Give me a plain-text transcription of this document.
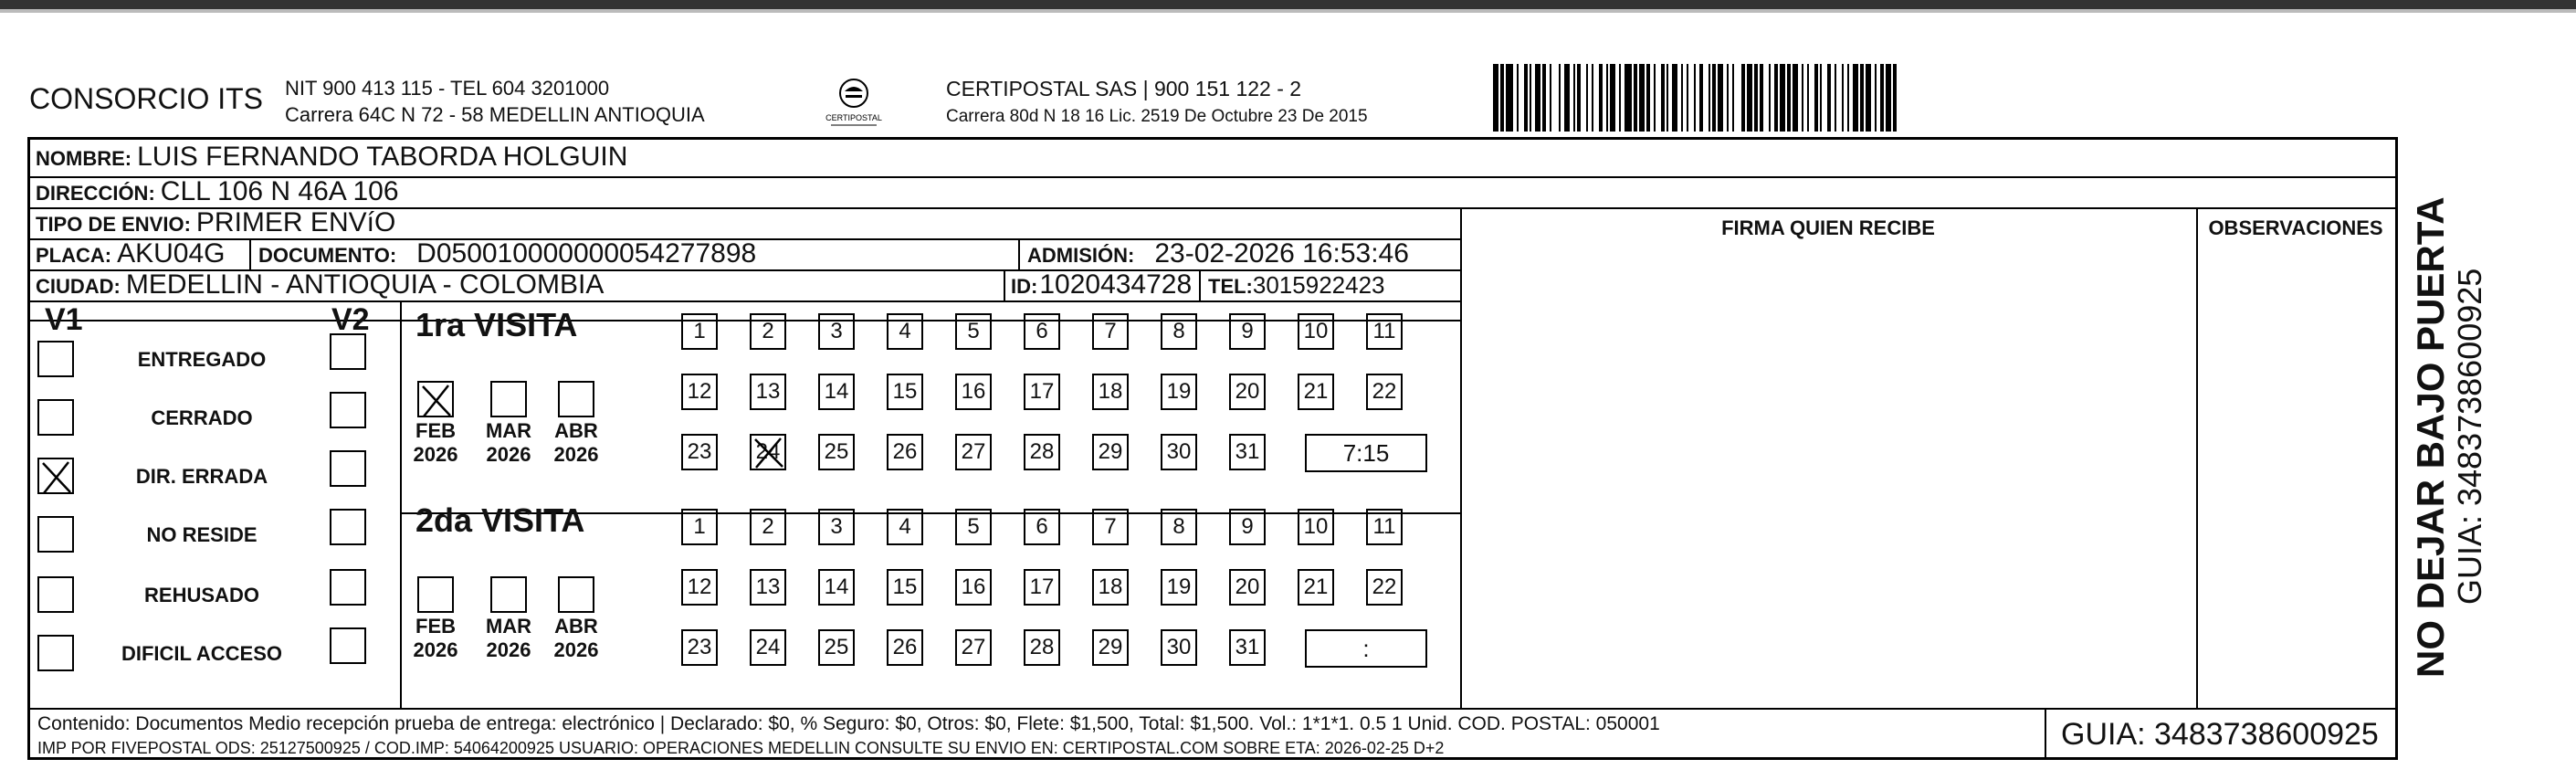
CONSORCIO ITS NIT 900 413 115 - TEL 604 3201000
Carrera 64C N 72 - 58 MEDELLIN ANTIOQUIA	CERTIPOSTAL
CERTIPOSTAL SAS | 900 151 122 - 2
Carrera 80d N 18 16 Lic. 2519 De Octubre 23 De 2015
FIRMA QUIEN RECIBE	OBSERVACIONES
NOMBRE: LUIS FERNANDO TABORDA HOLGUIN
DIRECCIÓN: CLL 106 N 46A 106
TIPO DE ENVIO: PRIMER ENVíO
PLACA: AKU04G DOCUMENTO: D050010000000054277898	ADMISIÓN: 23-02-2026 16:53:46
CIUDAD: MEDELLIN - ANTIOQUIA - COLOMBIA	ID: 1020434728 TEL: 3015922423
V1	V2
Contenido: Documentos Medio recepción prueba de entrega: electrónico | Declarado: $0, % Seguro: $0, Otros: $0, Flete: $1,500, Total: $1,500. Vol.: 1*1*1. 0.5 1 Unid. COD. POSTAL: 050001
IMP POR FIVEPOSTAL ODS: 25127500925 / COD.IMP: 54064200925 USUARIO: OPERACIONES MEDELLIN CONSULTE SU ENVIO EN: CERTIPOSTAL.COM SOBRE ETA: 2026-02-25 D+2	GUIA: 3483738600925
ENTREGADO
CERRADO
DIR. ERRADA
NO RESIDE
REHUSADO
DIFICIL ACCESO
1ra VISITA
FEB
2026
MAR
2026
ABR
2026
1	2	3	4	5	6	7	8	9	10	11
12 13 14 15 16 17 18 19 20 21 22
23 24 25 26 27 28 29 30 31	7:15
2da VISITA
FEB
2026
MAR
2026
ABR
2026
1	2	3	4	5	6	7	8	9	10	11
12 13 14 15 16 17 18 19 20 21 22
23 24 25 26 27 28 29 30 31	:	NO DEJAR BAJO PUERTA GUIA: 3483738600925
